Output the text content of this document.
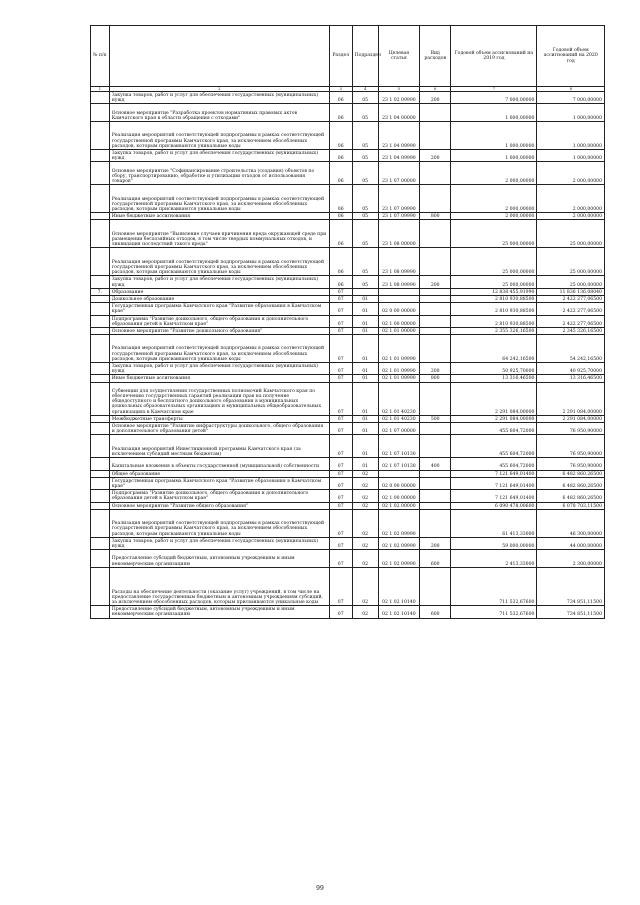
№ п/п		Раздел	Подраздел	Целевая статья	Вид расходов	Годовой объем ассигнований на 2019 год	Годовой объем ассигнований на 2020 год
1	2	3	4	5	6	7	8
	Закупка товаров, работ и услуг для обеспечения государственных (муниципальных) нужд	06	05	23 1 02 09990	200	7 000,00000	7 000,00000
	Основное мероприятие "Разработка проектов нормативных правовых актов Камчатского края в области обращения с отходами"	06	05	23 1 04 00000		1 000,00000	1 000,00000
	Реализация мероприятий соответствующей подпрограммы в рамках соответствующей государственной программы Камчатского края, за исключением обособленных расходов, которым присваиваются уникальные коды	06	05	23 1 04 09990		1 000,00000	1 000,00000
	Закупка товаров, работ и услуг для обеспечения государственных (муниципальных) нужд	06	05	23 1 04 09990	200	1 000,00000	1 000,00000
	Основное мероприятие "Софинансирование строительства (создания) объектов по сбору, транспортированию, обработке и утилизации отходов от использования товаров"	06	05	23 1 07 00000		2 000,00000	2 000,00000
	Реализация мероприятий соответствующей подпрограммы в рамках соответствующей государственной программы Камчатского края, за исключением обособленных расходов, которым присваиваются уникальные коды	06	05	23 1 07 09990		2 000,00000	2 000,00000
	Иные бюджетные ассигнования	06	05	23 1 07 09990	800	2 000,00000	2 000,00000
	Основное мероприятие "Выявление случаев причинения вреда окружающей среде при размещении бесхозяйных отходов, в том числе твердых коммунальных отходов, и ликвидация последствий такого вреда"	06	05	23 1 08 00000		25 000,00000	25 000,00000
	Реализация мероприятий соответствующей подпрограммы в рамках соответствующей государственной программы Камчатского края, за исключением обособленных расходов, которым присваиваются уникальные коды	06	05	23 1 08 09990		25 000,00000	25 000,00000
	Закупка товаров, работ и услуг для обеспечения государственных (муниципальных) нужд	06	05	23 1 08 09990	200	25 000,00000	25 000,00000
7.	Образование	07				12 838 455,91990	11 836 136,08040
	Дошкольное образование	07	01			2 810 930,88500	2 422 277,06500
	Государственная программа Камчатского края "Развитие образования в Камчатском крае"	07	01	02 0 00 00000		2 810 930,88500	2 422 277,06500
	Подпрограмма "Развитие дошкольного, общего образования и дополнительного образования детей в Камчатском крае"	07	01	02 1 00 00000		2 810 930,88500	2 422 277,06500
	Основное мероприятие "Развитие дошкольного образования"	07	01	02 1 01 00000		2 355 326,16500	2 345 326,16500
	Реализация мероприятий соответствующей подпрограммы в рамках соответствующей государственной программы Камчатского края, за исключением обособленных расходов, которым присваиваются уникальные коды	07	01	02 1 01 09990		64 242,16500	54 242,16500
	Закупка товаров, работ и услуг для обеспечения государственных (муниципальных) нужд	07	01	02 1 01 09990	200	50 925,70000	40 925,70000
	Иные бюджетные ассигнования	07	01	02 1 01 09990	800	13 316,46500	13 316,46500
	Субвенции для осуществления государственных полномочий Камчатского края по обеспечению государственных гарантий реализации прав на получение общедоступного и бесплатного дошкольного образования в муниципальных дошкольных образовательных организациях и муниципальных общеобразовательных организациях в Камчатском крае	07	01	02 1 01 40230		2 291 084,00000	2 291 084,00000
	Межбюджетные трансферты	07	01	02 1 01 40230	500	2 291 084,00000	2 291 084,00000
	Основное мероприятие "Развитие инфраструктуры дошкольного, общего образования и дополнительного образования детей"	07	01	02 1 07 00000		455 604,72000	76 950,90000
	Реализация мероприятий Инвестиционной программы Камчатского края (за исключением субсидий местным бюджетам)	07	01	02 1 07 10130		455 604,72000	76 950,90000
	Капитальные вложения в объекты государственной (муниципальной) собственности	07	01	02 1 07 10130	400	455 604,72000	76 950,90000
	Общее образование	07	02			7 121 649,01400	6 482 860,26500
	Государственная программа Камчатского края "Развитие образования в Камчатском крае"	07	02	02 0 00 00000		7 121 649,01400	6 482 860,26500
	Подпрограмма "Развитие дошкольного, общего образования и дополнительного образования детей в Камчатском крае"	07	02	02 1 00 00000		7 121 649,01400	6 482 860,26500
	Основное мероприятие "Развитие общего образования"	07	02	02 1 02 00000		6 090 478,00600	6 078 703,11500
	Реализация мероприятий соответствующей подпрограммы в рамках соответствующей государственной программы Камчатского края, за исключением обособленных расходов, которым присваиваются уникальные коды	07	02	02 1 02 09990		61 413,33000	46 300,00000
	Закупка товаров, работ и услуг для обеспечения государственных (муниципальных) нужд	07	02	02 1 02 09990	200	59 000,00000	44 000,00000
	Предоставление субсидий бюджетным, автономным учреждениям и иным некоммерческим организациям	07	02	02 1 02 09990	600	2 413,33000	2 300,00000
	Расходы на обеспечение деятельности (оказание услуг) учреждений, в том числе на предоставление государственным бюджетным и автономным учреждениям субсидий, за исключением обособленных расходов, которым присваиваются уникальные коды	07	02	02 1 02 10140		711 532,67600	734 851,11500
	Предоставление субсидий бюджетным, автономным учреждениям и иным некоммерческим организациям	07	02	02 1 02 10140	600	711 532,67600	734 851,11500
99
